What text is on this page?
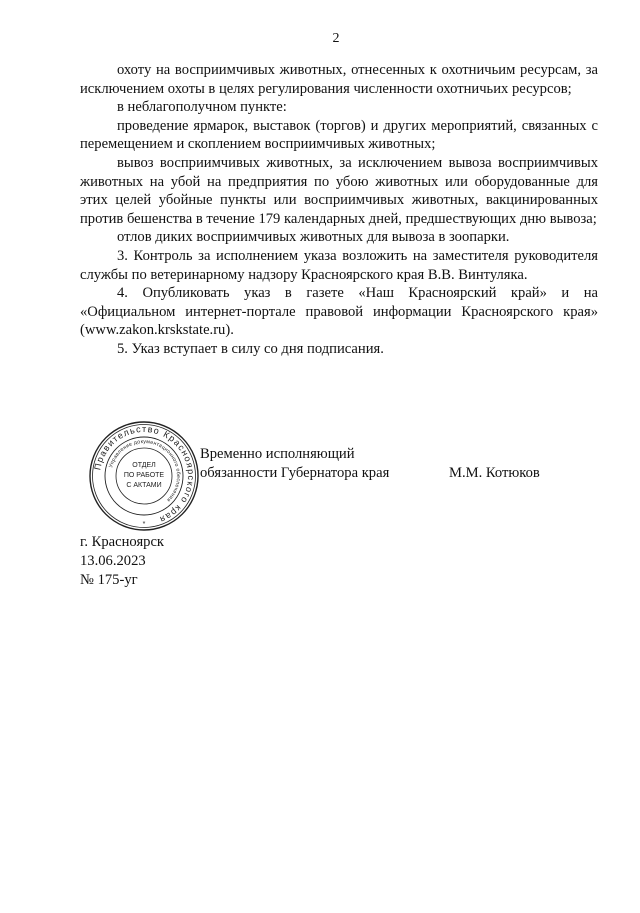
2

охоту на восприимчивых животных, отнесенных к охотничьим ресурсам, за исключением охоты в целях регулирования численности охотничьих ресурсов;

в неблагополучном пункте:

проведение ярмарок, выставок (торгов) и других мероприятий, связанных с перемещением и скоплением восприимчивых животных;

вывоз восприимчивых животных, за исключением вывоза восприимчивых животных на убой на предприятия по убою животных или оборудованные для этих целей убойные пункты или восприимчивых животных, вакцинированных против бешенства в течение 179 календарных дней, предшествующих дню вывоза;

отлов диких восприимчивых животных для вывоза в зоопарки.

3. Контроль за исполнением указа возложить на заместителя руководителя службы по ветеринарному надзору Красноярского края В.В. Винтуляка.

4. Опубликовать указ в газете «Наш Красноярский край» и на «Официальном интернет-портале правовой информации Красноярского края» (www.zakon.krskstate.ru).

5. Указ вступает в силу со дня подписания.

Правительство Красноярского края
Управление документационного обеспечения
ОТДЕЛ
ПО РАБОТЕ
С АКТАМИ
*
Временно исполняющий
обязанности Губернатора края	М.М. Котюков
г. Красноярск
13.06.2023
№ 175-уг
